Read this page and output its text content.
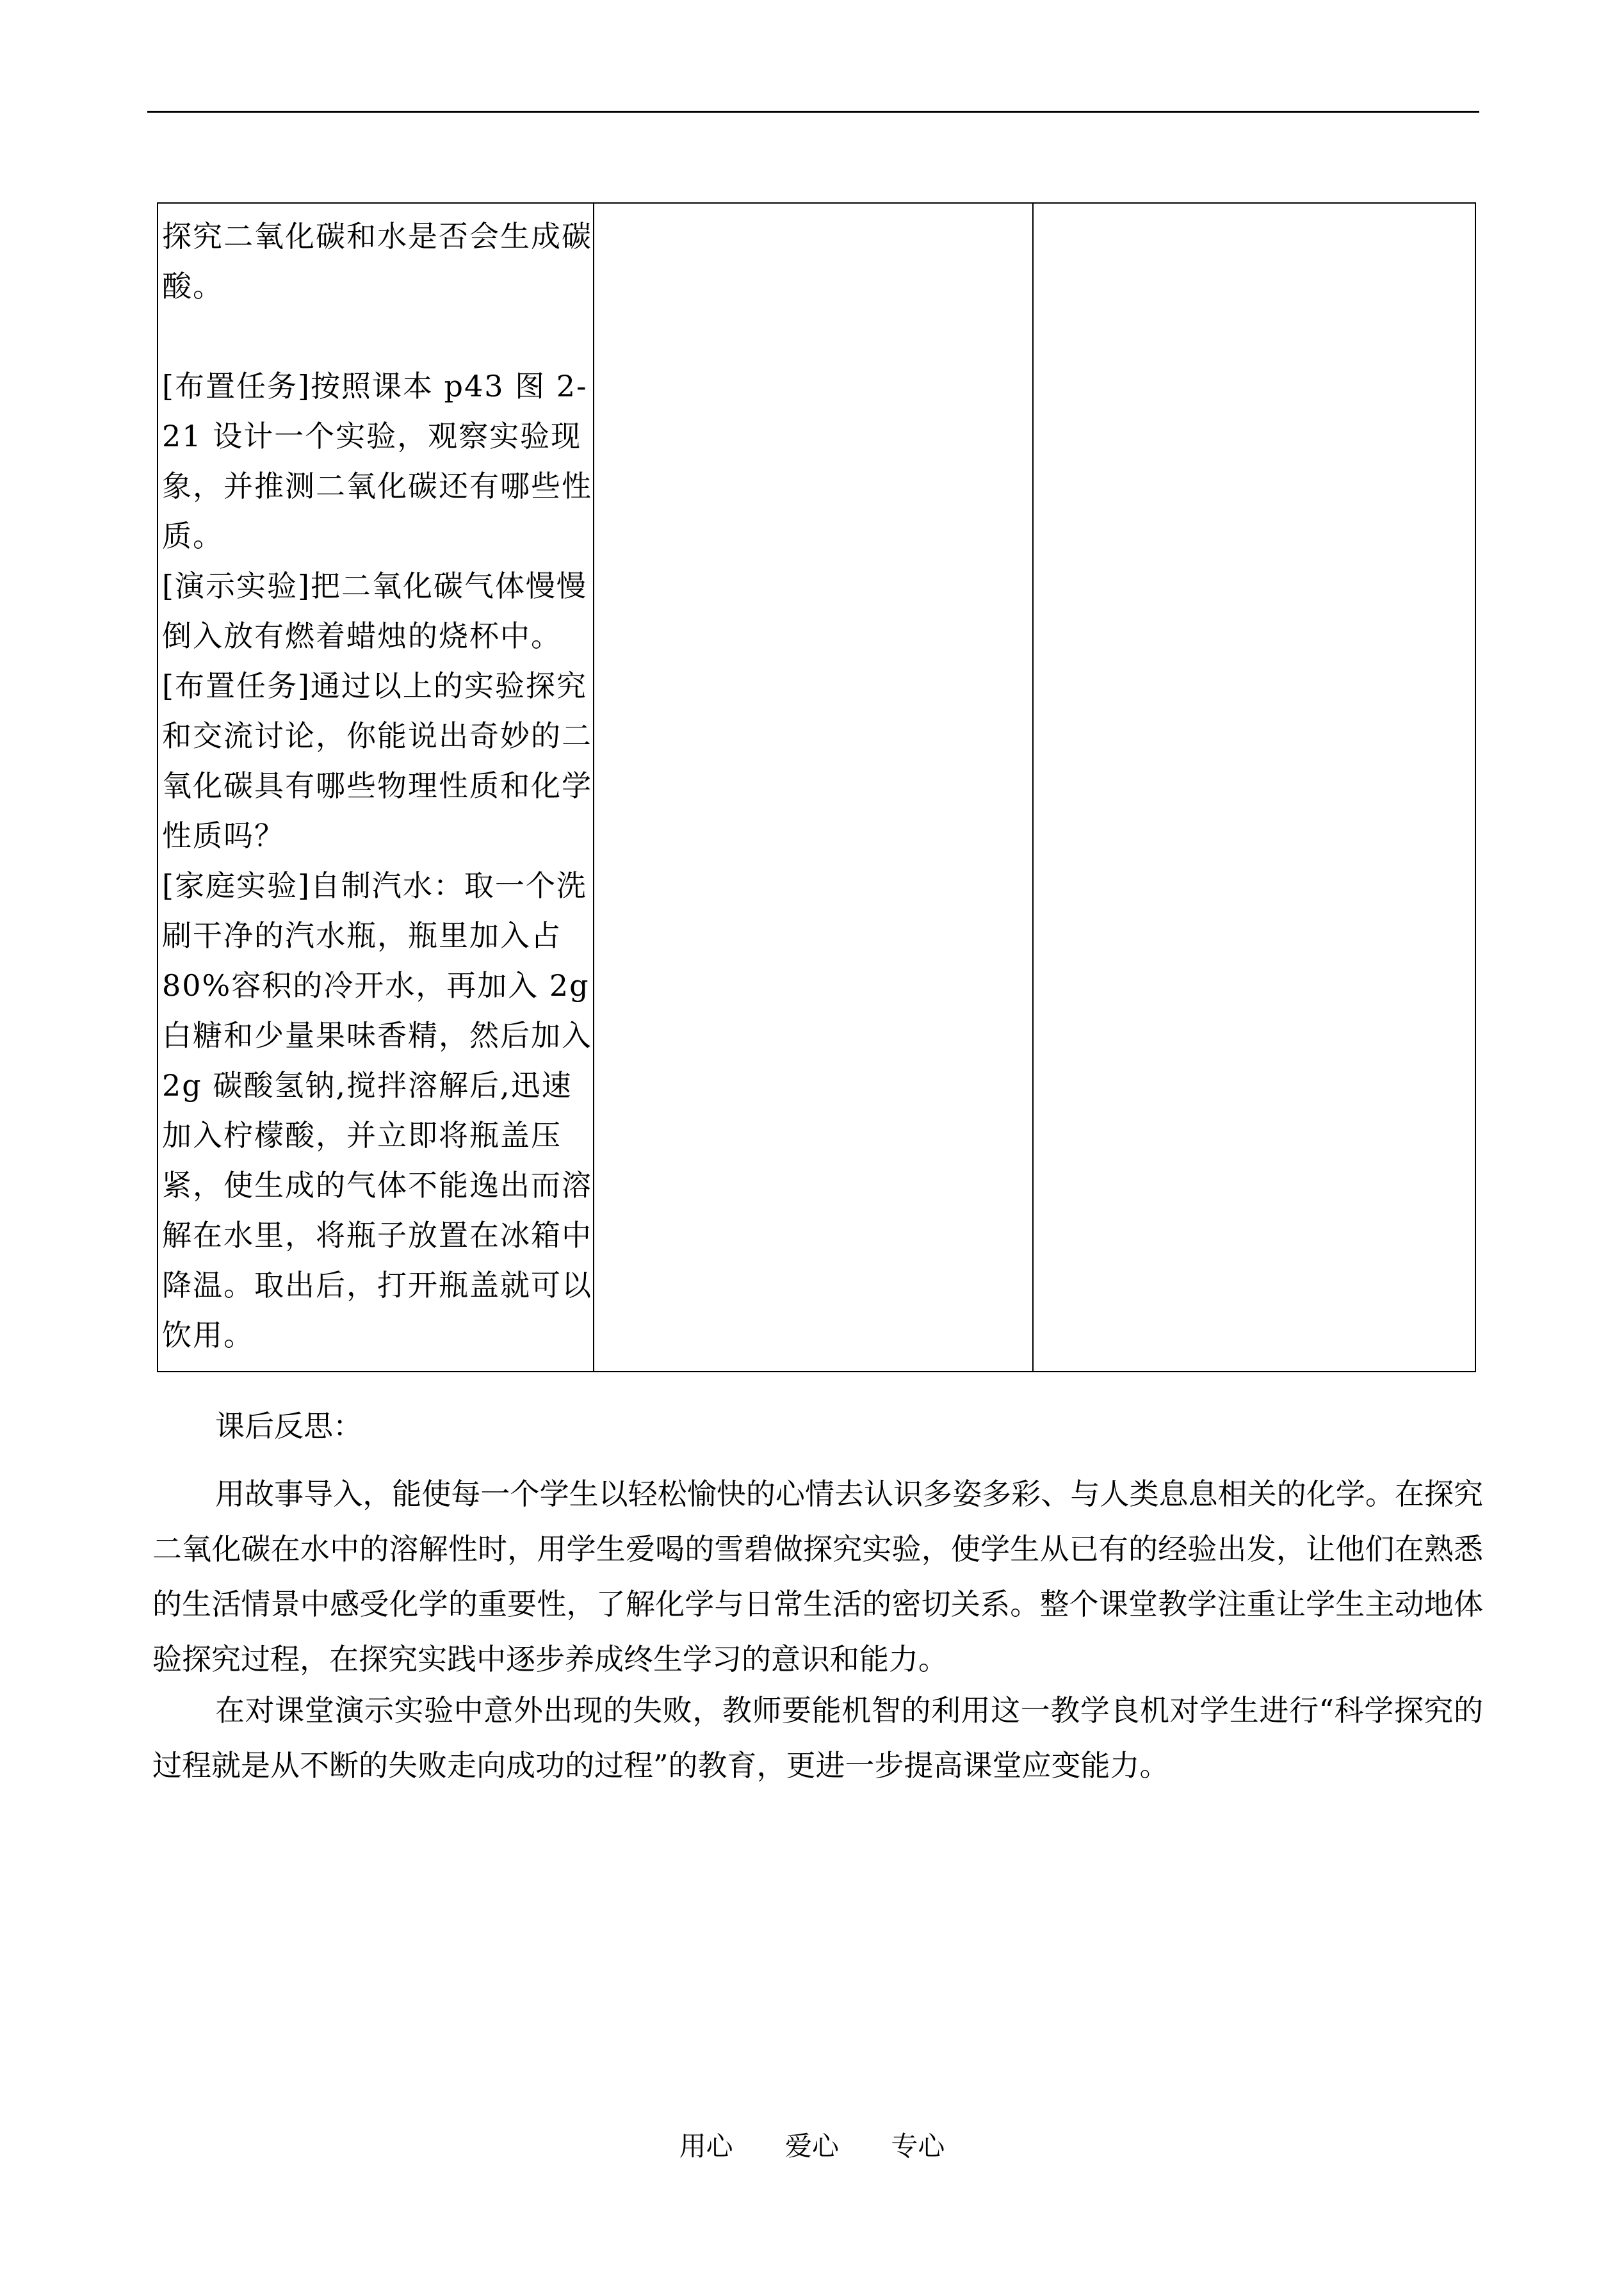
探究二氧化碳和水是否会生成碳酸。

[布置任务]按照课本 p43 图 2-21 设计一个实验，观察实验现象，并推测二氧化碳还有哪些性质。
[演示实验]把二氧化碳气体慢慢倒入放有燃着蜡烛的烧杯中。
[布置任务]通过以上的实验探究和交流讨论，你能说出奇妙的二氧化碳具有哪些物理性质和化学性质吗？
[家庭实验]自制汽水：取一个洗刷干净的汽水瓶，瓶里加入占 80%容积的冷开水，再加入 2g 白糖和少量果味香精，然后加入 2g 碳酸氢钠,搅拌溶解后,迅速加入柠檬酸，并立即将瓶盖压紧，使生成的气体不能逸出而溶解在水里，将瓶子放置在冰箱中降温。取出后，打开瓶盖就可以饮用。

课后反思：

用故事导入，能使每一个学生以轻松愉快的心情去认识多姿多彩、与人类息息相关的化学。在探究二氧化碳在水中的溶解性时，用学生爱喝的雪碧做探究实验，使学生从已有的经验出发，让他们在熟悉的生活情景中感受化学的重要性，了解化学与日常生活的密切关系。整个课堂教学注重让学生主动地体验探究过程，在探究实践中逐步养成终生学习的意识和能力。

在对课堂演示实验中意外出现的失败，教师要能机智的利用这一教学良机对学生进行“科学探究的过程就是从不断的失败走向成功的过程”的教育，更进一步提高课堂应变能力。

用心 爱心 专心
